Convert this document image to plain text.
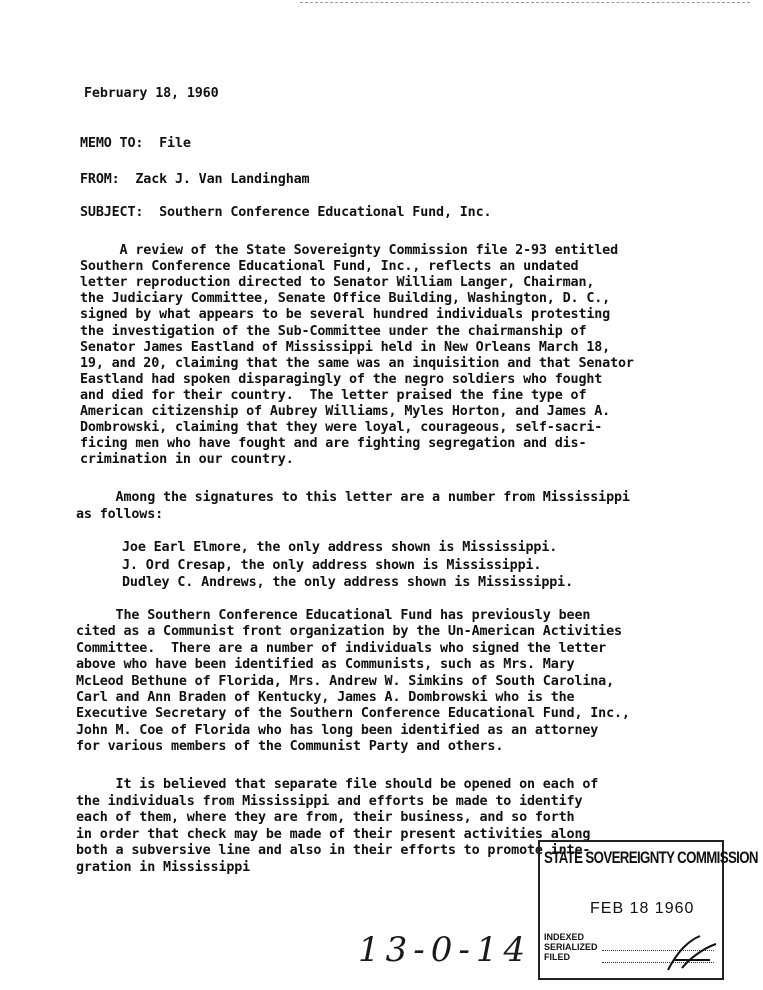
February 18, 1960
MEMO TO:  File
FROM:  Zack J. Van Landingham
SUBJECT:  Southern Conference Educational Fund, Inc.
A review of the State Sovereignty Commission file 2-93 entitled
Southern Conference Educational Fund, Inc., reflects an undated
letter reproduction directed to Senator William Langer, Chairman,
the Judiciary Committee, Senate Office Building, Washington, D. C.,
signed by what appears to be several hundred individuals protesting
the investigation of the Sub-Committee under the chairmanship of
Senator James Eastland of Mississippi held in New Orleans March 18,
19, and 20, claiming that the same was an inquisition and that Senator
Eastland had spoken disparagingly of the negro soldiers who fought
and died for their country.  The letter praised the fine type of
American citizenship of Aubrey Williams, Myles Horton, and James A.
Dombrowski, claiming that they were loyal, courageous, self-sacri-
ficing men who have fought and are fighting segregation and dis-
crimination in our country.
Among the signatures to this letter are a number from Mississippi
as follows:
Joe Earl Elmore, the only address shown is Mississippi.
J. Ord Cresap, the only address shown is Mississippi.
Dudley C. Andrews, the only address shown is Mississippi.
The Southern Conference Educational Fund has previously been
cited as a Communist front organization by the Un-American Activities
Committee.  There are a number of individuals who signed the letter
above who have been identified as Communists, such as Mrs. Mary
McLeod Bethune of Florida, Mrs. Andrew W. Simkins of South Carolina,
Carl and Ann Braden of Kentucky, James A. Dombrowski who is the
Executive Secretary of the Southern Conference Educational Fund, Inc.,
John M. Coe of Florida who has long been identified as an attorney
for various members of the Communist Party and others.
It is believed that separate file should be opened on each of
the individuals from Mississippi and efforts be made to identify
each of them, where they are from, their business, and so forth
in order that check may be made of their present activities along
both a subversive line and also in their efforts to promote inte-
gration in Mississippi
STATE SOVEREIGNTY COMMISSION
FEB 18 1960
INDEXED
SERIALIZED
FILED
13-0-14
